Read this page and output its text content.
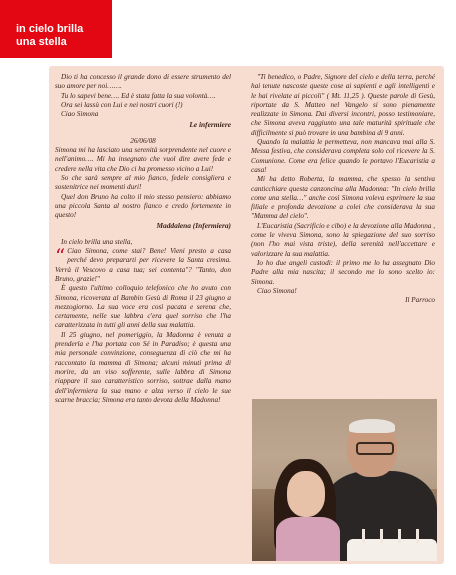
in cielo brilla
una stella

Dio ti ha concesso il grande dono di essere strumento del suo amore per noi…….

Tu lo sapevi bene…. Ed è stata fatta la sua volontà….

Ora sei lassù con Lui e nei nostri cuori (!)

Ciao Simona

Le infermiere

26/06/08

Simona mi ha lasciato una serenità sorprendente nel cuore e nell'animo…. Mi ha insegnato che vuol dire avere fede e credere nella vita che Dio ci ha promesso vicino a Lui!

So che sarà sempre al mio fianco, fedele consigliera e sostenitrice nei momenti duri!

Quel don Bruno ha colto il mio stesso pensiero: abbiamo una piccola Santa al nostro fianco e credo fortemente in questo!

Maddalena (Infermiera)

In cielo brilla una stella,

“ Ciao Simona, come stai? Bene! Vieni presto a casa perché devo prepararti per ricevere la Santa cresima. Verrà il Vescovo a casa tua; sei contenta"? "Tanto, don Bruno, grazie!"

È questo l'ultimo colloquio telefonico che ho avuto con Simona, ricoverata al Bambin Gesù di Roma il 23 giugno a mezzogiorno. La sua voce era così pacata e serena che, certamente, nelle sue labbra c'era quel sorriso che l'ha caratterizzata in tutti gli anni della sua malattia.

Il 25 giugno, nel pomeriggio, la Madonna è venuta a prenderla e l'ha portata con Sé in Paradiso; è questa una mia personale convinzione, conseguenza di ciò che mi ha raccontato la mamma di Simona; alcuni minuti prima di morire, da un viso sofferente, sulle labbra di Simona riappare il suo caratteristico sorriso, sottrae dalla mano dell'infermiera la sua mano e alza verso il cielo le sue scarne braccia; Simona era tanto devota della Madonna!

"Ti benedico, o Padre, Signore del cielo e della terra, perché hai tenute nascoste queste cose ai sapienti e agli intelligenti e le hai rivelate ai piccoli" ( Mt. 11,25 ). Queste parole di Gesù, riportate da S. Matteo nel Vangelo si sono pienamente realizzate in Simona. Dai diversi incontri, posso testimoniare, che Simona aveva raggiunto una tale maturità spirituale che difficilmente si può trovare in una bambina di 9 anni.

Quando la malattia le permetteva, non mancava mai alla S. Messa festiva, che considerava completa solo col ricevere la S. Comunione. Come era felice quando le portavo l'Eucaristia a casa!

Mi ha detto Roberta, la mamma, che spesso la sentiva canticchiare questa canzoncina alla Madonna: "In cielo brilla come una stella…" anche così Simona voleva esprimere la sua filiale e profonda devozione a colei che considerava la sua "Mamma del cielo".

L'Eucaristia (Sacrificio e cibo) e la devozione alla Madonna , come le viveva Simona, sono la spiegazione del suo sorriso (non l'ho mai vista triste), della serenità nell'accettare e valorizzare la sua malattia.

Io ho due angeli custodi: il primo me lo ha assegnato Dio Padre alla mia nascita; il secondo me lo sono scelto io: Simona.

Ciao Simona!

Il Parroco
